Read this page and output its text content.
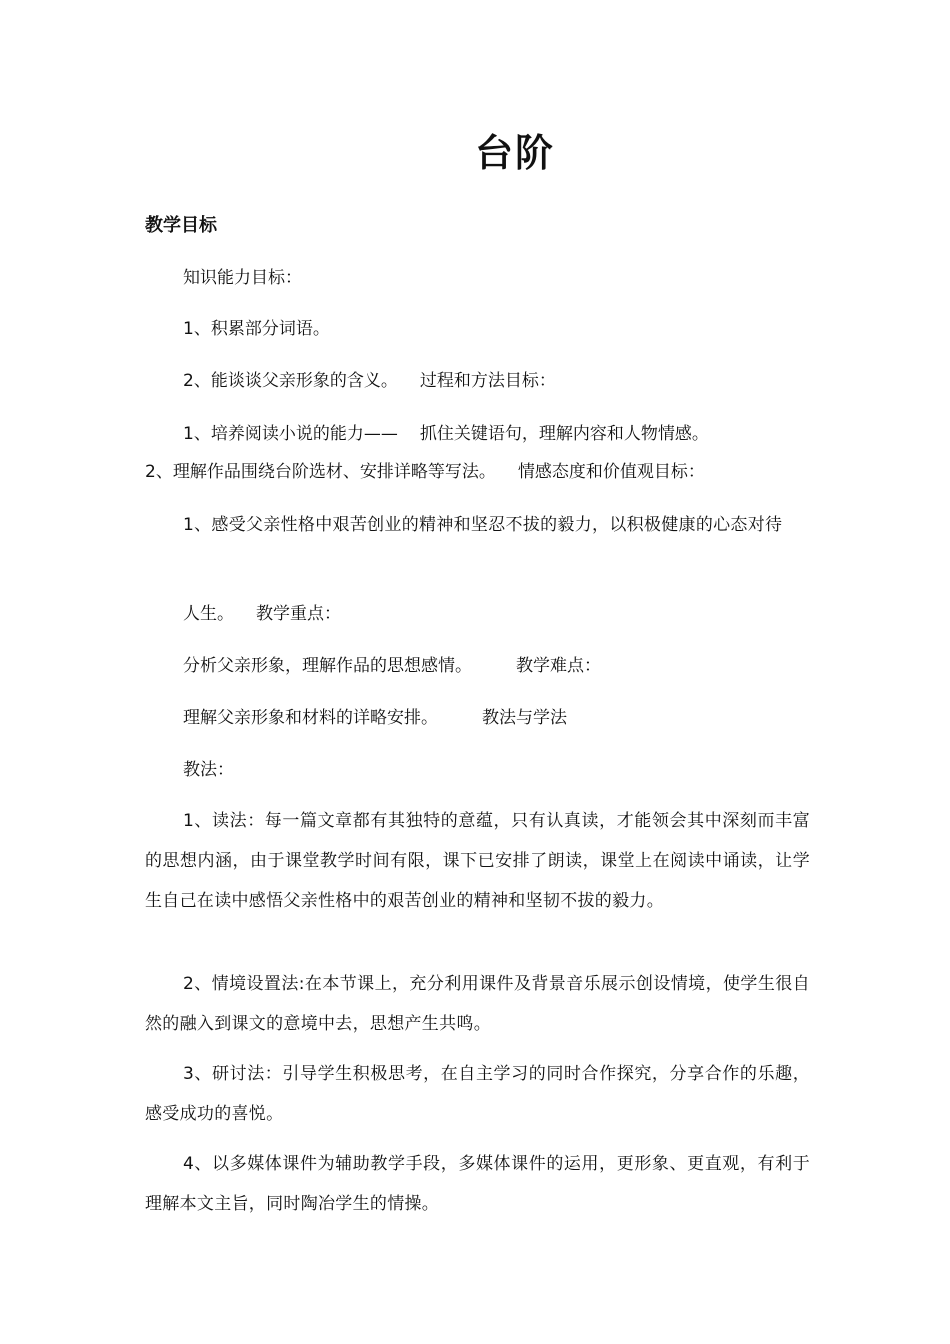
台阶
教学目标
知识能力目标：
1、积累部分词语。
2、能谈谈父亲形象的含义。 过程和方法目标：
1、培养阅读小说的能力—— 抓住关键语句，理解内容和人物情感。
2、理解作品围绕台阶选材、安排详略等写法。 情感态度和价值观目标：
1、感受父亲性格中艰苦创业的精神和坚忍不拔的毅力，以积极健康的心态对待
人生。 教学重点：
分析父亲形象，理解作品的思想感情。	教学难点：
理解父亲形象和材料的详略安排。	教法与学法
教法：
1、读法：每一篇文章都有其独特的意蕴，只有认真读，才能领会其中深刻而丰富的思想内涵，由于课堂教学时间有限，课下已安排了朗读，课堂上在阅读中诵读，让学生自己在读中感悟父亲性格中的艰苦创业的精神和坚韧不拔的毅力。
2、情境设置法:在本节课上，充分利用课件及背景音乐展示创设情境，使学生很自然的融入到课文的意境中去，思想产生共鸣。
3、研讨法：引导学生积极思考，在自主学习的同时合作探究，分享合作的乐趣，感受成功的喜悦。
4、以多媒体课件为辅助教学手段，多媒体课件的运用，更形象、更直观，有利于理解本文主旨，同时陶冶学生的情操。
